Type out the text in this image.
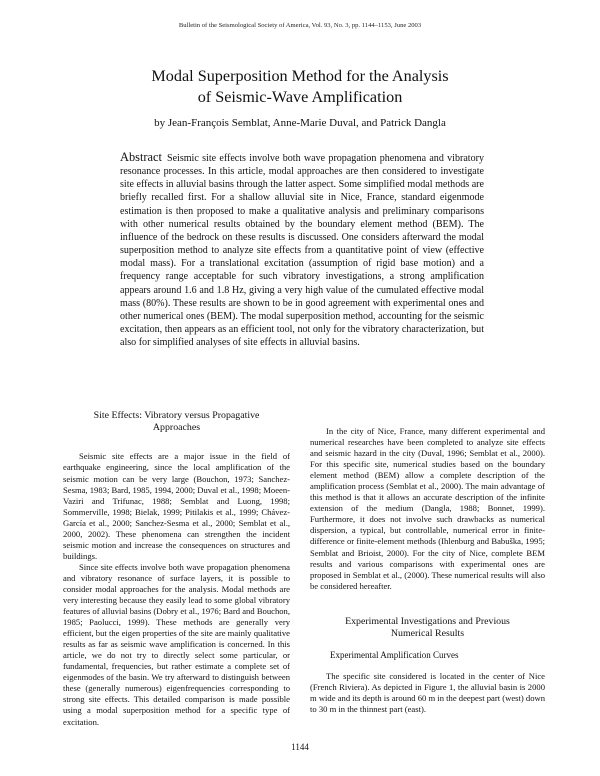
Bulletin of the Seismological Society of America, Vol. 93, No. 3, pp. 1144–1153, June 2003
Modal Superposition Method for the Analysis
of Seismic-Wave Amplification
by Jean-François Semblat, Anne-Marie Duval, and Patrick Dangla
Abstract Seismic site effects involve both wave propagation phenomena and vibratory resonance processes. In this article, modal approaches are then considered to investigate site effects in alluvial basins through the latter aspect. Some simplified modal methods are briefly recalled first. For a shallow alluvial site in Nice, France, standard eigenmode estimation is then proposed to make a qualitative analysis and preliminary comparisons with other numerical results obtained by the boundary element method (BEM). The influence of the bedrock on these results is discussed. One considers afterward the modal superposition method to analyze site effects from a quantitative point of view (effective modal mass). For a translational excitation (assumption of rigid base motion) and a frequency range acceptable for such vibratory investigations, a strong amplification appears around 1.6 and 1.8 Hz, giving a very high value of the cumulated effective modal mass (80%). These results are shown to be in good agreement with experimental ones and other numerical ones (BEM). The modal superposition method, accounting for the seismic excitation, then appears as an efficient tool, not only for the vibratory characterization, but also for simplified analyses of site effects in alluvial basins.
Site Effects: Vibratory versus Propagative
Approaches

Seismic site effects are a major issue in the field of earthquake engineering, since the local amplification of the seismic motion can be very large (Bouchon, 1973; Sanchez-Sesma, 1983; Bard, 1985, 1994, 2000; Duval et al., 1998; Moeen-Vaziri and Trifunac, 1988; Semblat and Luong, 1998; Sommerville, 1998; Bielak, 1999; Pitilakis et al., 1999; Chávez-García et al., 2000; Sanchez-Sesma et al., 2000; Semblat et al., 2000, 2002). These phenomena can strengthen the incident seismic motion and increase the consequences on structures and buildings.

Since site effects involve both wave propagation phenomena and vibratory resonance of surface layers, it is possible to consider modal approaches for the analysis. Modal methods are very interesting because they easily lead to some global vibratory features of alluvial basins (Dobry et al., 1976; Bard and Bouchon, 1985; Paolucci, 1999). These methods are generally very efficient, but the eigen properties of the site are mainly qualitative results as far as seismic wave amplification is concerned. In this article, we do not try to directly select some particular, or fundamental, frequencies, but rather estimate a complete set of eigenmodes of the basin. We try afterward to distinguish between these (generally numerous) eigenfrequencies corresponding to strong site effects. This detailed comparison is made possible using a modal superposition method for a specific type of excitation.

In the city of Nice, France, many different experimental and numerical researches have been completed to analyze site effects and seismic hazard in the city (Duval, 1996; Semblat et al., 2000). For this specific site, numerical studies based on the boundary element method (BEM) allow a complete description of the amplification process (Semblat et al., 2000). The main advantage of this method is that it allows an accurate description of the infinite extension of the medium (Dangla, 1988; Bonnet, 1999). Furthermore, it does not involve such drawbacks as numerical dispersion, a typical, but controllable, numerical error in finite-difference or finite-element methods (Ihlenburg and Babuška, 1995; Semblat and Brioist, 2000). For the city of Nice, complete BEM results and various comparisons with experimental ones are proposed in Semblat et al., (2000). These numerical results will also be considered hereafter.

Experimental Investigations and Previous
Numerical Results
Experimental Amplification Curves

The specific site considered is located in the center of Nice (French Riviera). As depicted in Figure 1, the alluvial basin is 2000 m wide and its depth is around 60 m in the deepest part (west) down to 30 m in the thinnest part (east).

1144
